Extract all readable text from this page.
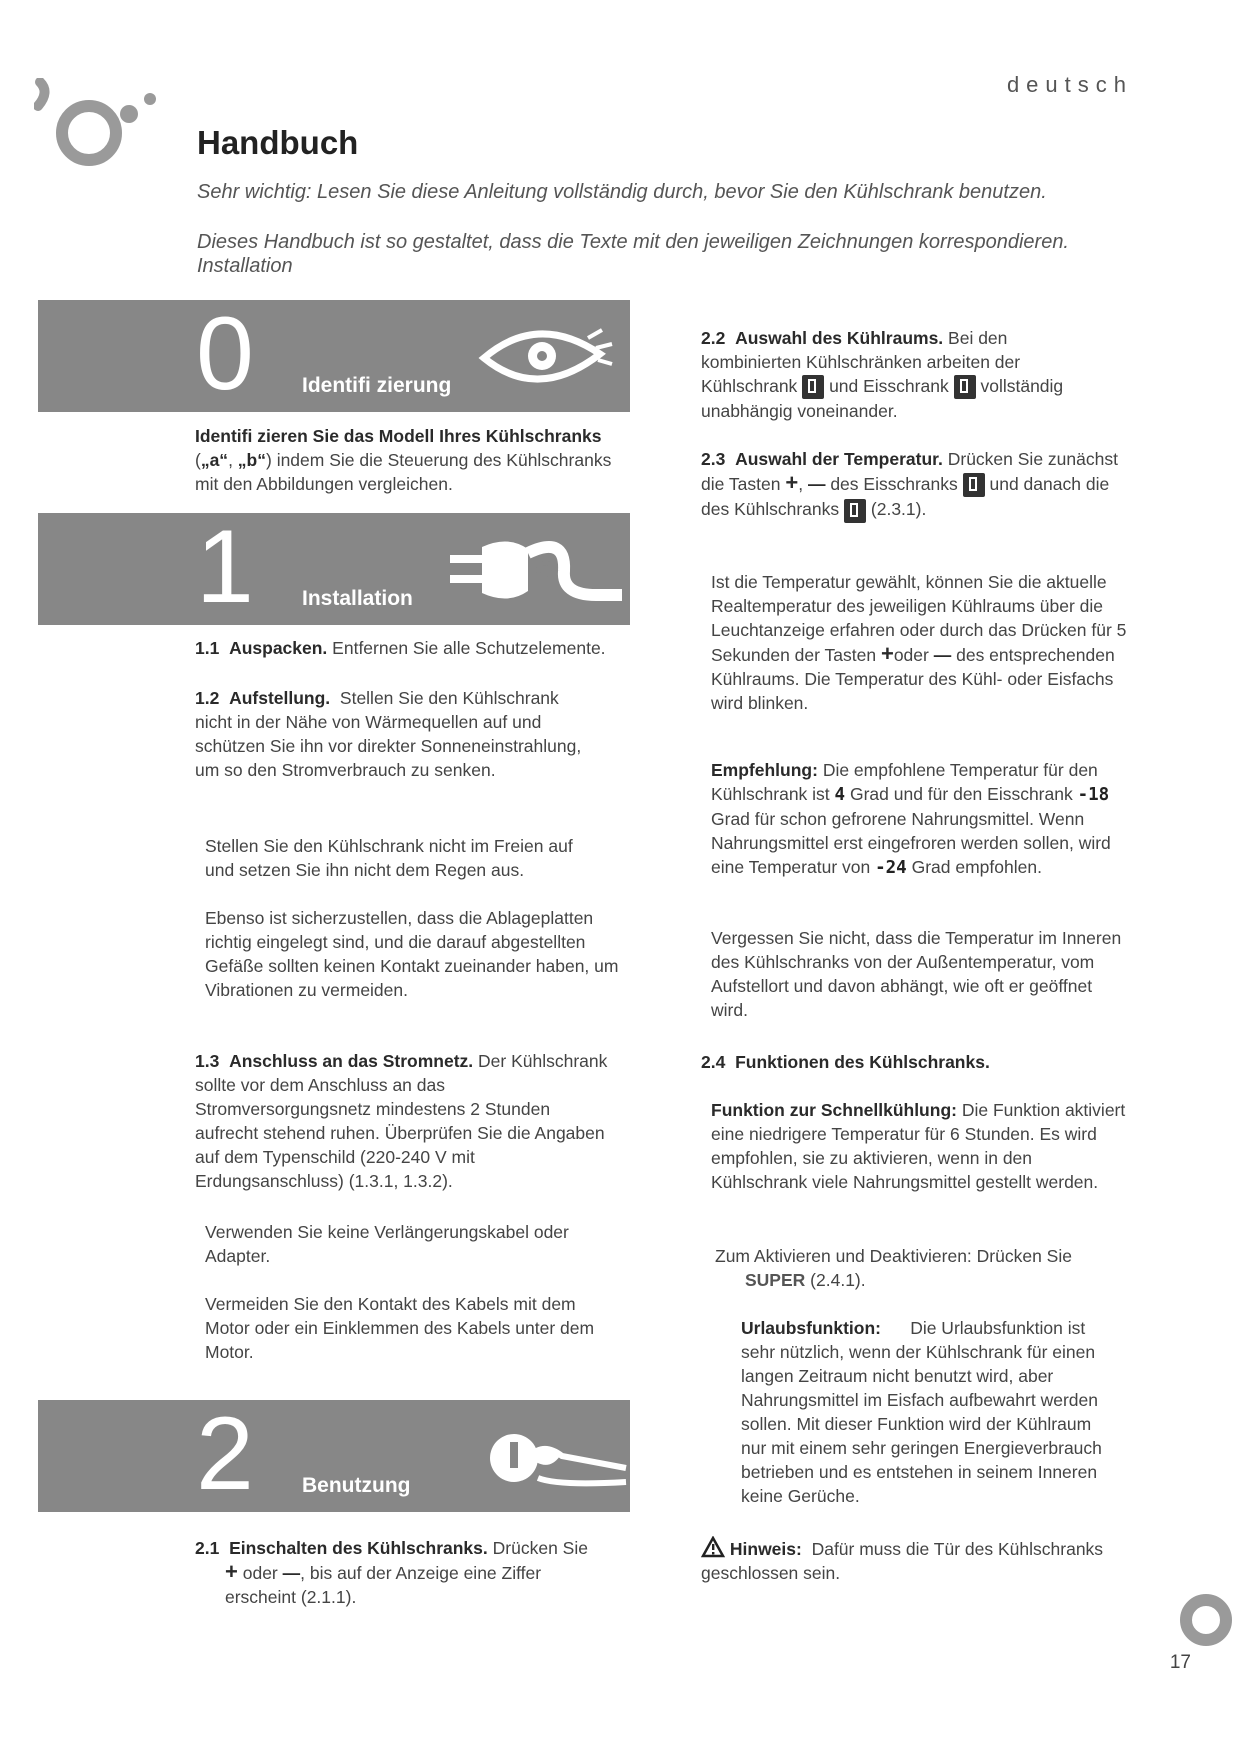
deutsch
Handbuch
Sehr wichtig: Lesen Sie diese Anleitung vollständig durch, bevor Sie den Kühlschrank benutzen.
Dieses Handbuch ist so gestaltet, dass die Texte mit den jeweiligen Zeichnungen korrespondieren.
Installation
0 Identifi zierung
Identifi zieren Sie das Modell Ihres Kühlschranks
(„a“, „b“) indem Sie die Steuerung des Kühlschranks mit den Abbildungen vergleichen.
1 Installation
1.1 Auspacken. Entfernen Sie alle Schutzelemente.
1.2 Aufstellung. Stellen Sie den Kühlschrank nicht in der Nähe von Wärmequellen auf und schützen Sie ihn vor direkter Sonneneinstrahlung, um so den Stromverbrauch zu senken.
Stellen Sie den Kühlschrank nicht im Freien auf und setzen Sie ihn nicht dem Regen aus.
Ebenso ist sicherzustellen, dass die Ablageplatten richtig eingelegt sind, und die darauf abgestellten Gefäße sollten keinen Kontakt zueinander haben, um Vibrationen zu vermeiden.
1.3 Anschluss an das Stromnetz. Der Kühlschrank sollte vor dem Anschluss an das Stromversorgungsnetz mindestens 2 Stunden aufrecht stehend ruhen. Überprüfen Sie die Angaben auf dem Typenschild (220-240 V mit Erdungsanschluss) (1.3.1, 1.3.2).
Verwenden Sie keine Verlängerungskabel oder Adapter.
Vermeiden Sie den Kontakt des Kabels mit dem Motor oder ein Einklemmen des Kabels unter dem Motor.
2 Benutzung
2.1 Einschalten des Kühlschranks. Drücken Sie

+ oder —, bis auf der Anzeige eine Ziffer erscheint (2.1.1).
2.2 Auswahl des Kühlraums. Bei den kombinierten Kühlschränken arbeiten der Kühlschrank und Eisschrank vollständig unabhängig voneinander.
2.3 Auswahl der Temperatur. Drücken Sie zunächst die Tasten +, — des Eisschranks und danach die des Kühlschranks (2.3.1).
Ist die Temperatur gewählt, können Sie die aktuelle Realtemperatur des jeweiligen Kühlraums über die Leuchtanzeige erfahren oder durch das Drücken für 5 Sekunden der Tasten +oder — des entsprechenden Kühlraums. Die Temperatur des Kühl- oder Eisfachs wird blinken.
Empfehlung: Die empfohlene Temperatur für den Kühlschrank ist 4 Grad und für den Eisschrank -18 Grad für schon gefrorene Nahrungsmittel. Wenn Nahrungsmittel erst eingefroren werden sollen, wird eine Temperatur von -24 Grad empfohlen.
Vergessen Sie nicht, dass die Temperatur im Inneren des Kühlschranks von der Außentemperatur, vom Aufstellort und davon abhängt, wie oft er geöffnet wird.
2.4 Funktionen des Kühlschranks.
Funktion zur Schnellkühlung: Die Funktion aktiviert eine niedrigere Temperatur für 6 Stunden. Es wird empfohlen, sie zu aktivieren, wenn in den Kühlschrank viele Nahrungsmittel gestellt werden.
Zum Aktivieren und Deaktivieren: Drücken Sie

SUPER (2.4.1).
Urlaubsfunktion: Die Urlaubsfunktion ist sehr nützlich, wenn der Kühlschrank für einen langen Zeitraum nicht benutzt wird, aber Nahrungsmittel im Eisfach aufbewahrt werden sollen. Mit dieser Funktion wird der Kühlraum nur mit einem sehr geringen Energieverbrauch betrieben und es entstehen in seinem Inneren keine Gerüche.
Hinweis: Dafür muss die Tür des Kühlschranks geschlossen sein.
17
